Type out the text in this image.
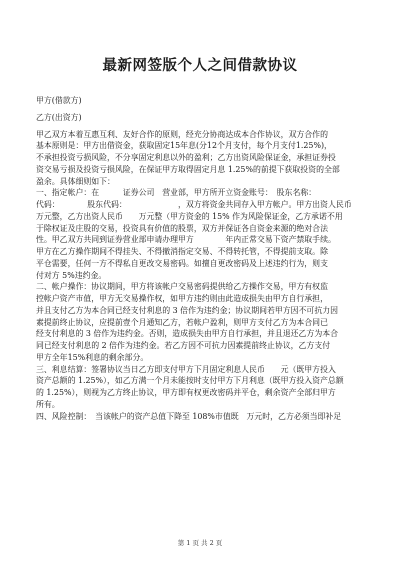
最新网签版个人之间借款协议
甲方(借款方)
乙方(出资方)
甲乙双方本着互惠互利、友好合作的原则，经充分协商达成本合作协议，双方合作的
基本原则是：甲方出借资金，获取固定15年息(分12个月支付，每个月支付1.25%)，
不承担投资亏损风险，不分享固定利息以外的盈利；乙方出资风险保证金，承担证券投
资交易亏损及投资亏损风险，在保证甲方取得固定月息 1.25%的前提下获取投资的全部
盈余。具体细则如下：
一、指定帐户：在　　　证券公司　营业部，甲方所开立资金账号：　股东名称：
代码：　　　　股东代码：　　　　　　　，双方将资金共同存入甲方帐户。甲方出资人民币
万元整，乙方出资人民币　　万元整（甲方资金的 15% 作为风险保证金，乙方承诺不用
于除权证及庄股的交易，投资具有价值的股票，双方并保证各自资金来源的绝对合法
性。甲乙双方共同到证券营业部申请办理甲方　　　　年内正常交易下资产禁取手续。
甲方在乙方操作期间不得挂失、不得撤消指定交易、不得转托管，不得提前支取。除
平仓需要，任何一方不得私自更改交易密码。如擅自更改密码及上述违约行为，则支
付对方 5%违约金。
二、帐户操作：协议期间，甲方将该帐户交易密码提供给乙方操作交易，甲方有权监
控帐户资产市值，甲方无交易操作权，如甲方违约则由此造成损失由甲方自行承担，
并且支付乙方为本合同已经支付利息的 3 倍作为违约金；协议期间若甲方因不可抗力因
素提前终止协议，应提前壹个月通知乙方，若帐户盈利，则甲方支付乙方为本合同已
经支付利息的 3 倍作为违约金。否则，造成损失由甲方自行承担，并且退还乙方为本合
同已经支付利息的 2 倍作为违约金。若乙方因不可抗力因素提前终止协议，乙方支付
甲方全年15%利息的剩余部分。
三、利息结算：签署协议当日乙方即支付甲方下月固定利息人民币　　元（既甲方投入
资产总额的 1.25%），如乙方满一个月未能按时支付甲方下月利息（既甲方投入资产总额
的 1.25%），则视为乙方终止协议，甲方即有权更改密码并平仓，剩余资产全部归甲方
所有。
四、风险控制：　当该帐户的资产总值下降至 108%市值既　万元时，乙方必须当即补足
第 1 页 共 2 页
